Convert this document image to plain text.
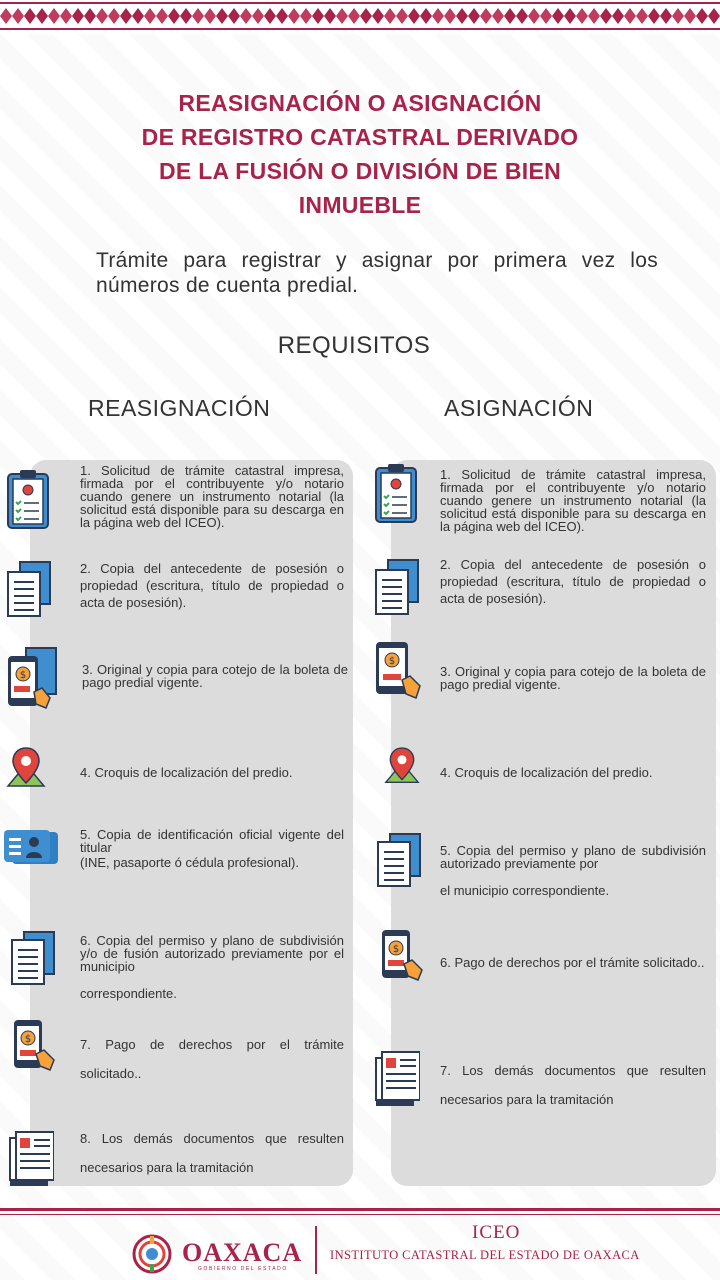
REASIGNACIÓN O ASIGNACIÓN
DE REGISTRO CATASTRAL DERIVADO
DE LA FUSIÓN O DIVISIÓN DE BIEN
INMUEBLE
Trámite para registrar y asignar por primera vez los números de cuenta predial.
REQUISITOS
REASIGNACIÓN	ASIGNACIÓN
1. Solicitud de trámite catastral impresa, firmada por el contribuyente y/o notario cuando genere un instrumento notarial (la solicitud está disponible para su descarga en la página web del ICEO).
2. Copia del antecedente de posesión o propiedad (escritura, título de propiedad o acta de posesión).
3. Original y copia para cotejo de la boleta de pago predial vigente.
4. Croquis de localización del predio.
5. Copia de identificación oficial vigente del titular
(INE, pasaporte ó cédula profesional).
6. Copia del permiso y plano de subdivisión y/o de fusión autorizado previamente por el municipio
correspondiente.
7. Pago de derechos por el trámite solicitado..
8. Los demás documentos que resulten necesarios para la tramitación
1. Solicitud de trámite catastral impresa, firmada por el contribuyente y/o notario cuando genere un instrumento notarial (la solicitud está disponible para su descarga en la página web del ICEO).
2. Copia del antecedente de posesión o propiedad (escritura, título de propiedad o acta de posesión).
3. Original y copia para cotejo de la boleta de pago predial vigente.
4. Croquis de localización del predio.
5. Copia del permiso y plano de subdivisión autorizado previamente por
el municipio correspondiente.
6. Pago de derechos por el trámite solicitado..
7. Los demás documentos que resulten necesarios para la tramitación
$
$
$
$
OAXACA
GOBIERNO DEL ESTADO
ICEO
INSTITUTO CATASTRAL DEL ESTADO DE OAXACA
